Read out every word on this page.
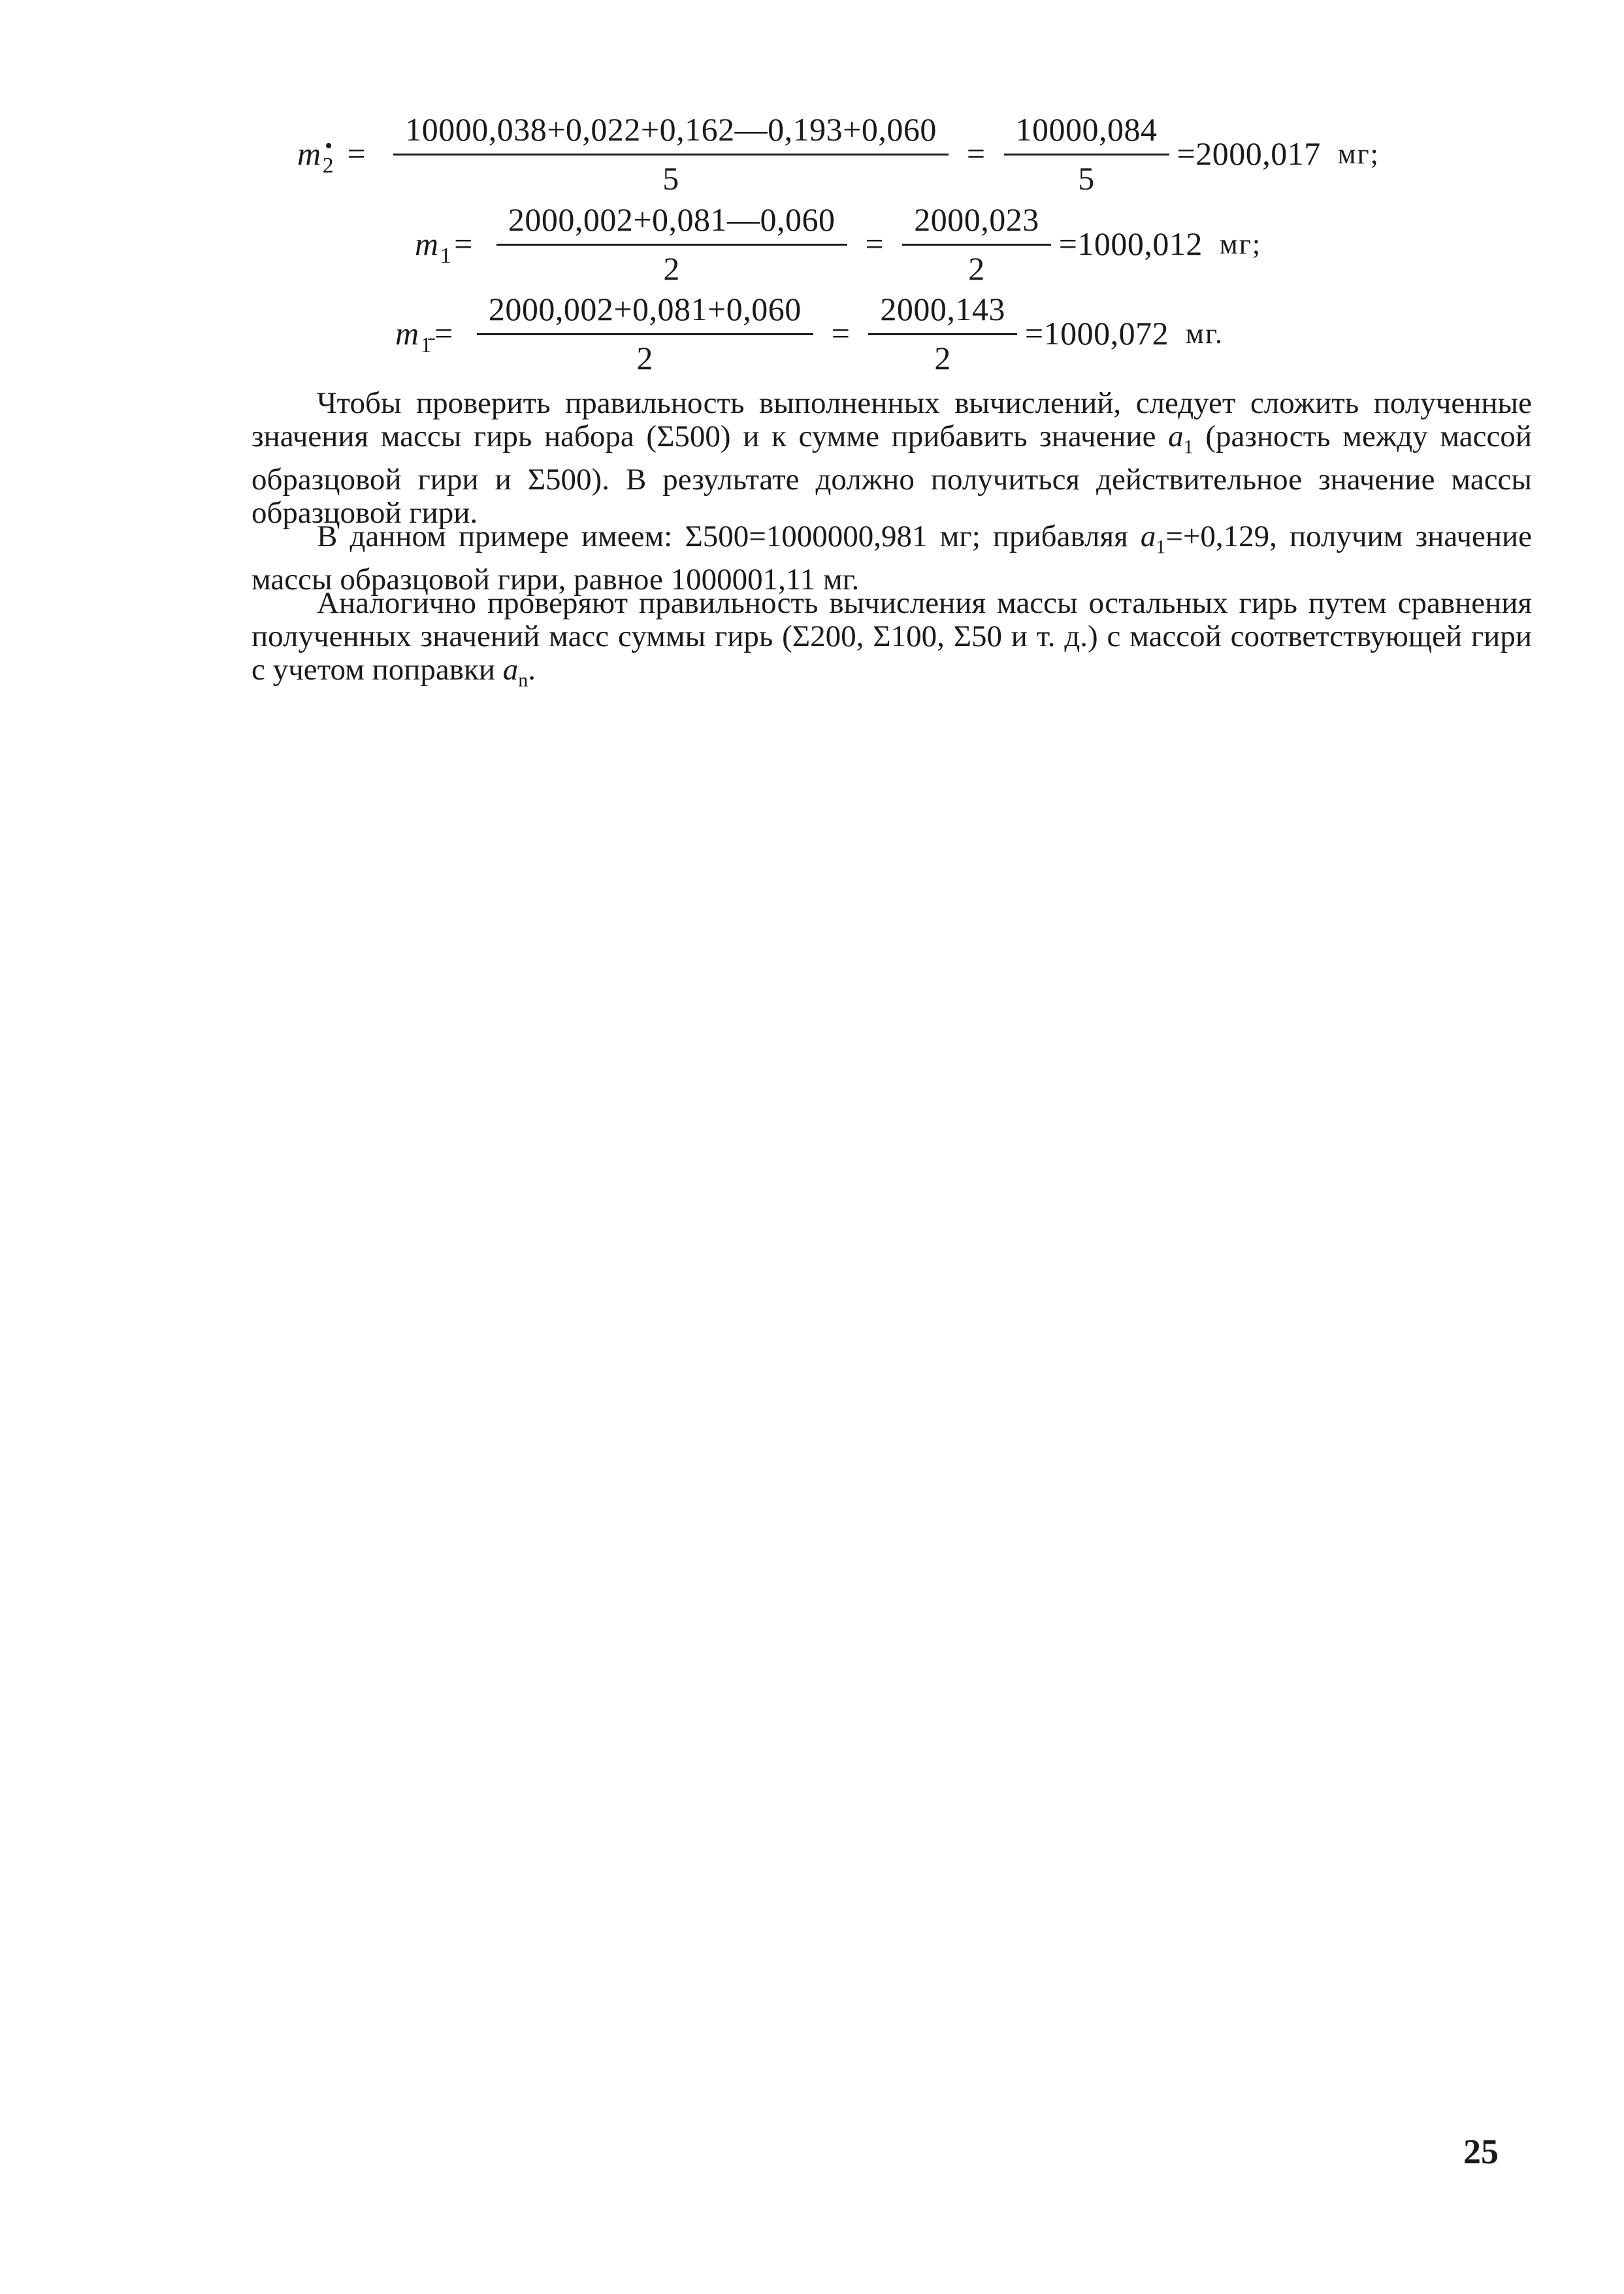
m 2
• = $\frac{10000,038+0,022+0,162—0,193+0,060}{5} = \frac{10000,084}{5} =2000,017$ мг;
m $1 = \frac{2000,002+0,081—0,060}{2} = \frac{2000,023}{2} =1000,012$ мг;
m 1̄ = $\frac{2000,002+0,081+0,060}{2} = \frac{2000,143}{2} =1000,072$ мг.

Чтобы проверить правильность выполненных вычислений, следует сложить полученные значения массы гирь набора (Σ500) и к сумме прибавить значение $a_1$ (разность между массой образцовой гири и Σ500). В результате должно получиться действительное значение массы образцовой гири.

В данном примере имеем: Σ500=1000000,981 мг; прибавляя $a_1=+0,129$, получим значение массы образцовой гири, равное 1000001,11 мг.

Аналогично проверяют правильность вычисления массы остальных гирь путем сравнения полученных значений масс суммы гирь (Σ200, Σ100, Σ50 и т. д.) с массой соответствующей гири с учетом поправки $a_n$.

25
